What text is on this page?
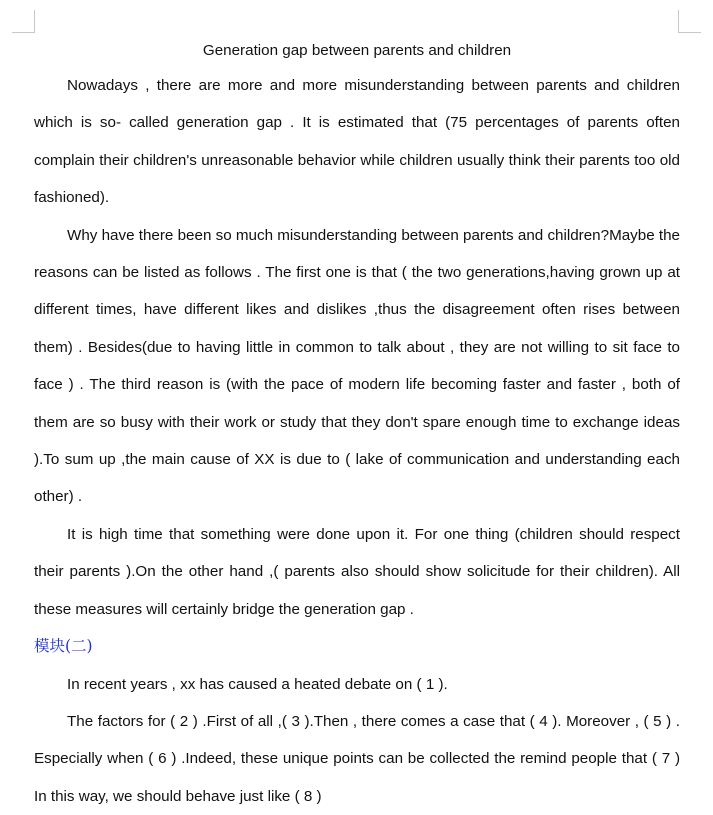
Generation gap between parents and children

Nowadays , there are more and more misunderstanding between parents and children which is so- called generation gap . It is estimated that (75 percentages of parents often complain their children's unreasonable behavior while children usually think their parents too old fashioned).

Why have there been so much misunderstanding between parents and children?Maybe the reasons can be listed as follows . The first one is that ( the two generations,having grown up at different times, have different likes and dislikes ,thus the disagreement often rises between them) . Besides(due to having little in common to talk about , they are not willing to sit face to face ) . The third reason is (with the pace of modern life becoming faster and faster , both of them are so busy with their work or study that they don't spare enough time to exchange ideas ).To sum up ,the main cause of XX is due to ( lake of communication and understanding each other) .

It is high time that something were done upon it. For one thing (children should respect their parents ).On the other hand ,( parents also should show solicitude for their children). All these measures will certainly bridge the generation gap .

模块(二)

In recent years , xx has caused a heated debate on ( 1 ).

The factors for ( 2 ) .First of all ,( 3 ).Then , there comes a case that ( 4 ). Moreover , ( 5 ) . Especially when ( 6 ) .Indeed, these unique points can be collected the remind people that ( 7 ) In this way, we should behave just like ( 8 )
